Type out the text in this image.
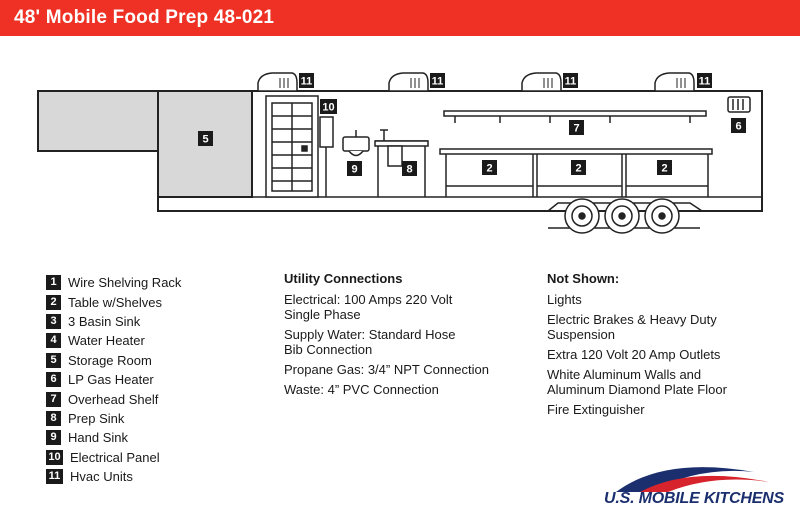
48' Mobile Food Prep 48-021
11	11	11	11
10
9	8
7	6
5
2	2	2
1 Wire Shelving Rack
2 Table w/Shelves
3 3 Basin Sink
4 Water Heater
5 Storage Room
6 LP Gas Heater
7 Overhead Shelf
8 Prep Sink
9 Hand Sink
10 Electrical Panel
11 Hvac Units
Utility Connections
Electrical: 100 Amps 220 Volt
Single Phase
Supply Water: Standard Hose
Bib Connection
Propane Gas: 3/4” NPT Connection
Waste: 4” PVC Connection
Not Shown:
Lights
Electric Brakes & Heavy Duty
Suspension
Extra 120 Volt 20 Amp Outlets
White Aluminum Walls and
Aluminum Diamond Plate Floor
Fire Extinguisher
U.S. MOBILE KITCHENS
